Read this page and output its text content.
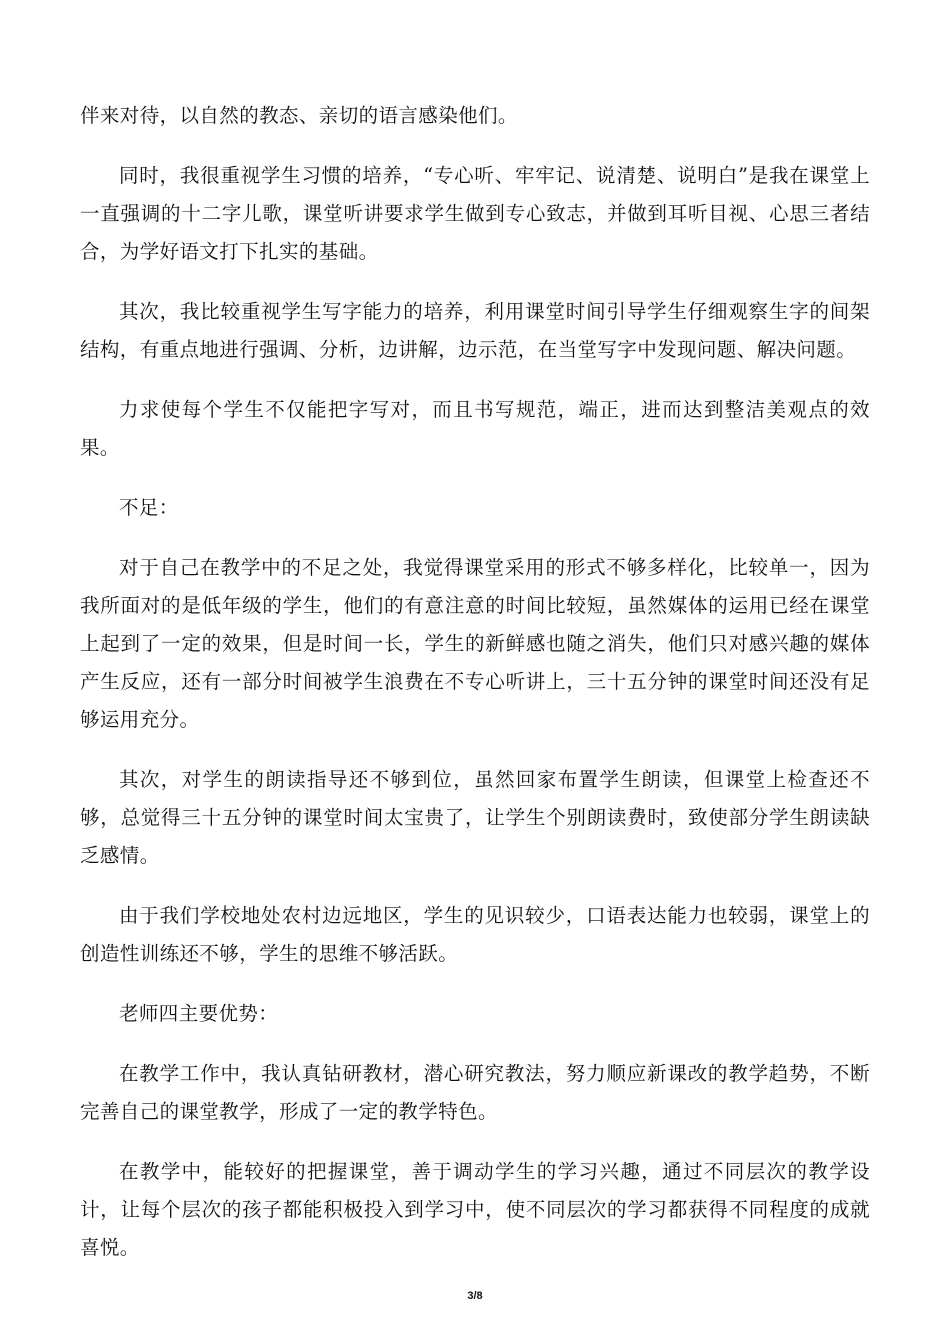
伴来对待，以自然的教态、亲切的语言感染他们。

同时，我很重视学生习惯的培养，“专心听、牢牢记、说清楚、说明白”是我在课堂上一直强调的十二字儿歌，课堂听讲要求学生做到专心致志，并做到耳听目视、心思三者结合，为学好语文打下扎实的基础。

其次，我比较重视学生写字能力的培养，利用课堂时间引导学生仔细观察生字的间架结构，有重点地进行强调、分析，边讲解，边示范，在当堂写字中发现问题、解决问题。

力求使每个学生不仅能把字写对，而且书写规范，端正，进而达到整洁美观点的效果。

不足：

对于自己在教学中的不足之处，我觉得课堂采用的形式不够多样化，比较单一，因为我所面对的是低年级的学生，他们的有意注意的时间比较短，虽然媒体的运用已经在课堂上起到了一定的效果，但是时间一长，学生的新鲜感也随之消失，他们只对感兴趣的媒体产生反应，还有一部分时间被学生浪费在不专心听讲上，三十五分钟的课堂时间还没有足够运用充分。

其次，对学生的朗读指导还不够到位，虽然回家布置学生朗读，但课堂上检查还不够，总觉得三十五分钟的课堂时间太宝贵了，让学生个别朗读费时，致使部分学生朗读缺乏感情。

由于我们学校地处农村边远地区，学生的见识较少，口语表达能力也较弱，课堂上的创造性训练还不够，学生的思维不够活跃。

老师四主要优势：

在教学工作中，我认真钻研教材，潜心研究教法，努力顺应新课改的教学趋势，不断完善自己的课堂教学，形成了一定的教学特色。

在教学中，能较好的把握课堂，善于调动学生的学习兴趣，通过不同层次的教学设计，让每个层次的孩子都能积极投入到学习中，使不同层次的学习都获得不同程度的成就喜悦。

3/8
